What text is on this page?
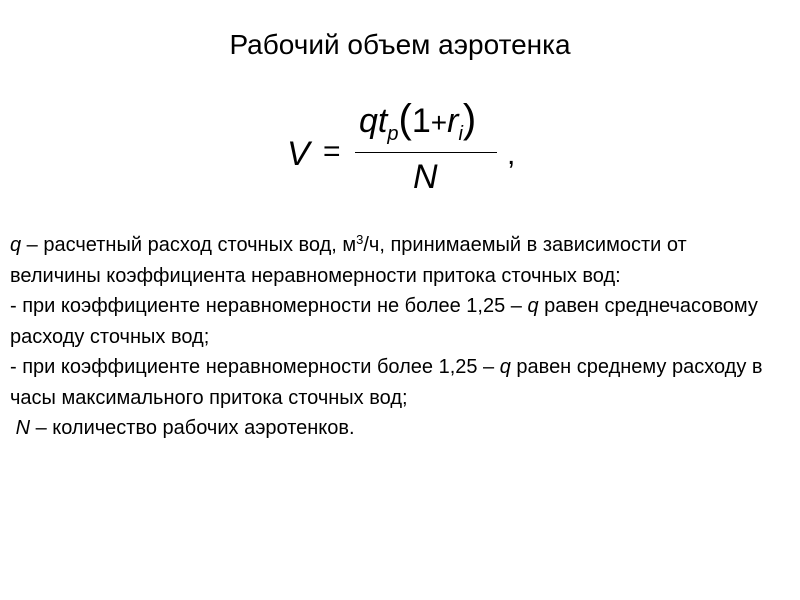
Рабочий объем аэротенка
V =
$qt_p(1+r_i)$
N
,

q – расчетный расход сточных вод, $м^3/ч$, принимаемый в зависимости от величины коэффициента неравномерности притока сточных вод:

- при коэффициенте неравномерности не более 1,25 – q равен среднечасовому расходу сточных вод;

- при коэффициенте неравномерности более 1,25 – q равен среднему расходу в часы максимального притока сточных вод;

N – количество рабочих аэротенков.
